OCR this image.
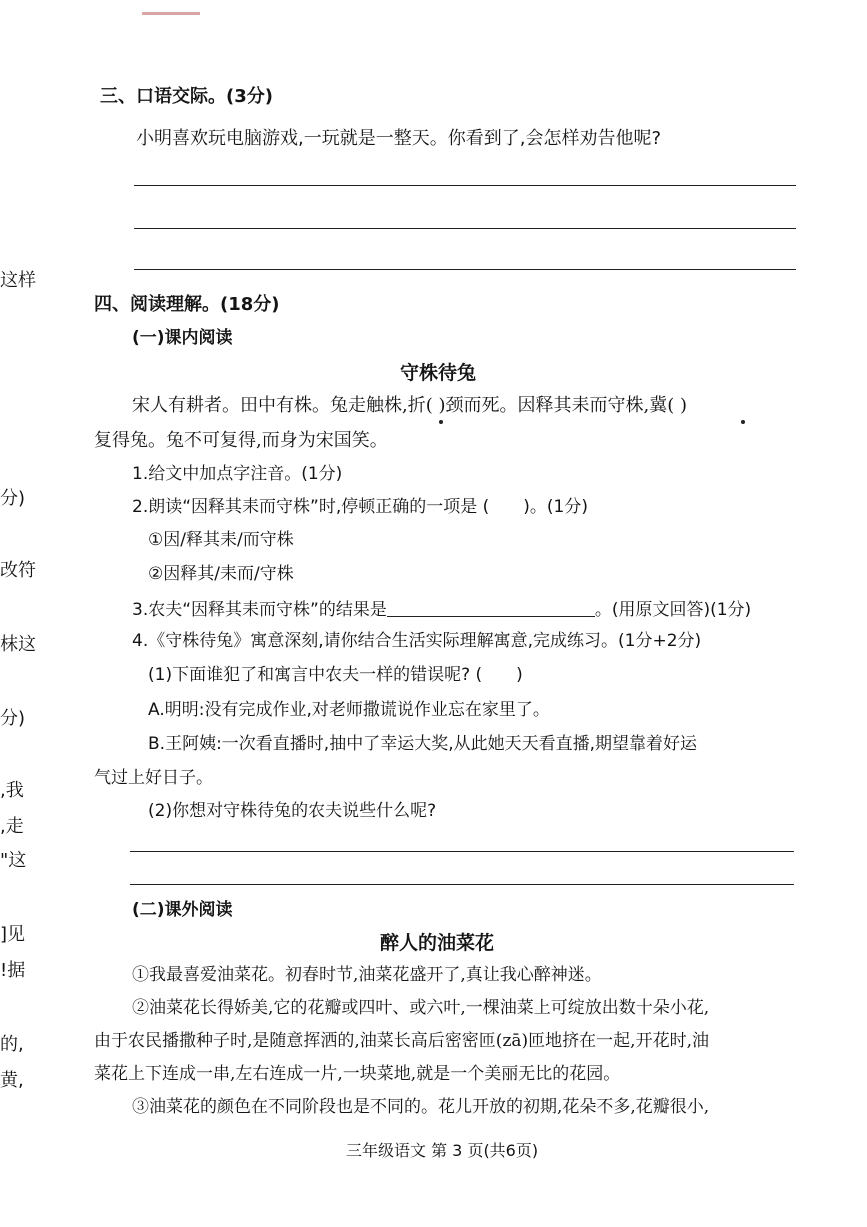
这样
分)
改符
枺这
分)
,我
,走
"这
]见
!据
的,
黄,
三、口语交际。(3分)
小明喜欢玩电脑游戏,一玩就是一整天。你看到了,会怎样劝告他呢?
四、阅读理解。(18分)
(一)课内阅读
守株待兔
宋人有耕者。田中有株。兔走触株,折( )颈而死。因释其耒而守株,冀( )
复得兔。兔不可复得,而身为宋国笑。
1.给文中加点字注音。(1分)
2.朗读“因释其耒而守株”时,停顿正确的一项是 ( )。(1分)
①因/释其耒/而守株
②因释其/耒而/守株
3.农夫“因释其耒而守株”的结果是	。(用原文回答)(1分)
4.《守株待兔》寓意深刻,请你结合生活实际理解寓意,完成练习。(1分+2分)
(1)下面谁犯了和寓言中农夫一样的错误呢? ( )
A.明明:没有完成作业,对老师撒谎说作业忘在家里了。
B.王阿姨:一次看直播时,抽中了幸运大奖,从此她天天看直播,期望靠着好运
气过上好日子。
(2)你想对守株待兔的农夫说些什么呢?
(二)课外阅读
醉人的油菜花
①我最喜爱油菜花。初春时节,油菜花盛开了,真让我心醉神迷。
②油菜花长得娇美,它的花瓣或四叶、或六叶,一棵油菜上可绽放出数十朵小花,
由于农民播撒种子时,是随意挥洒的,油菜长高后密密匝(zā)匝地挤在一起,开花时,油
菜花上下连成一串,左右连成一片,一块菜地,就是一个美丽无比的花园。
③油菜花的颜色在不同阶段也是不同的。花儿开放的初期,花朵不多,花瓣很小,
三年级语文 第 3 页(共6页)
